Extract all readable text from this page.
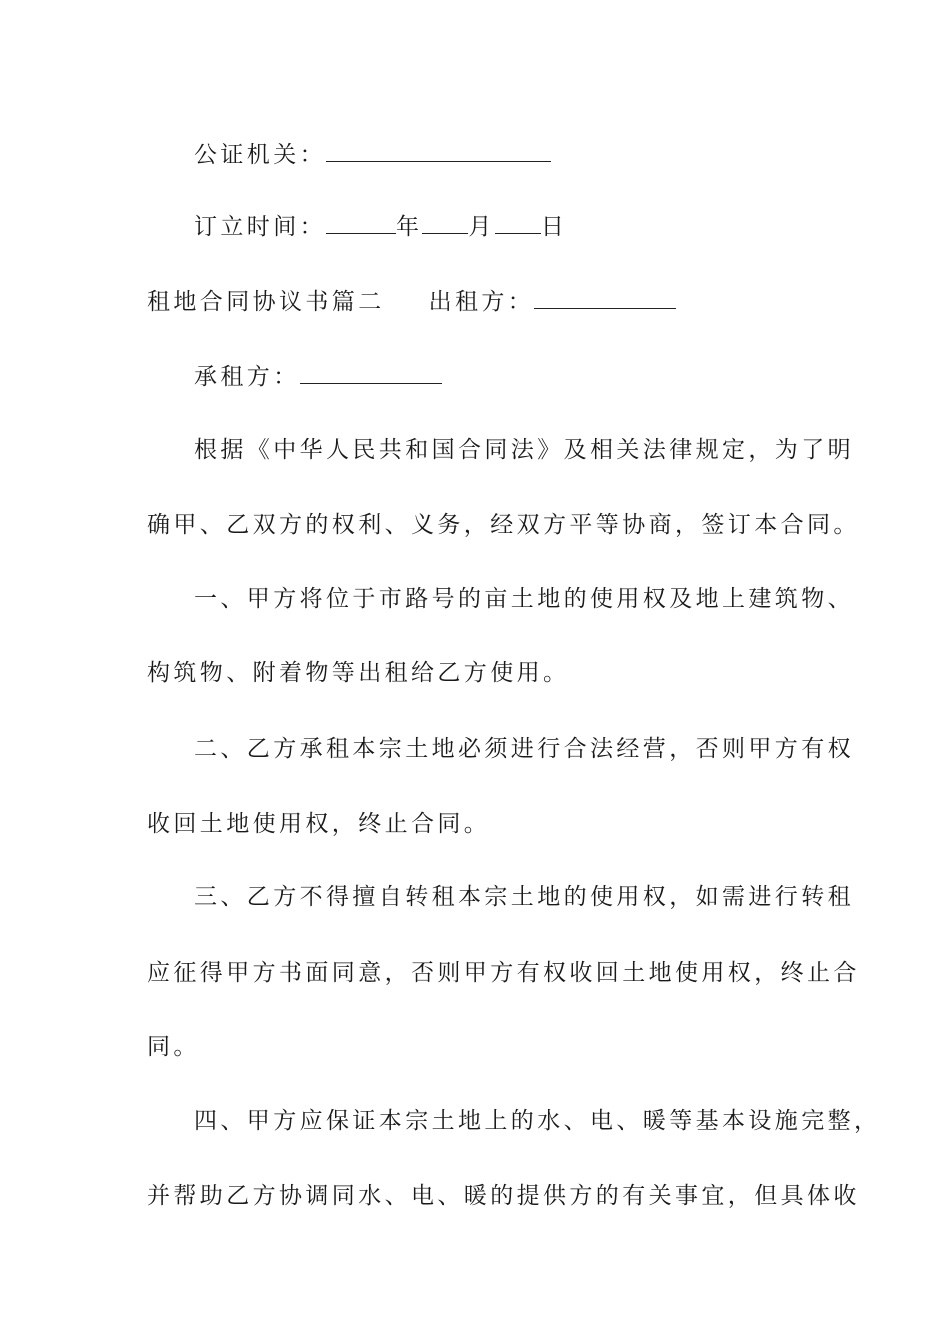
公证机关：

订立时间：	年 月 日

租地合同协议书篇二 出租方：

承租方：

根据《中华人民共和国合同法》及相关法律规定，为了明

确甲、乙双方的权利、义务，经双方平等协商，签订本合同。

一、甲方将位于市路号的亩土地的使用权及地上建筑物、

构筑物、附着物等出租给乙方使用。

二、乙方承租本宗土地必须进行合法经营，否则甲方有权

收回土地使用权，终止合同。

三、乙方不得擅自转租本宗土地的使用权，如需进行转租

应征得甲方书面同意，否则甲方有权收回土地使用权，终止合

同。

四、甲方应保证本宗土地上的水、电、暖等基本设施完整，

并帮助乙方协调同水、电、暖的提供方的有关事宜，但具体收
